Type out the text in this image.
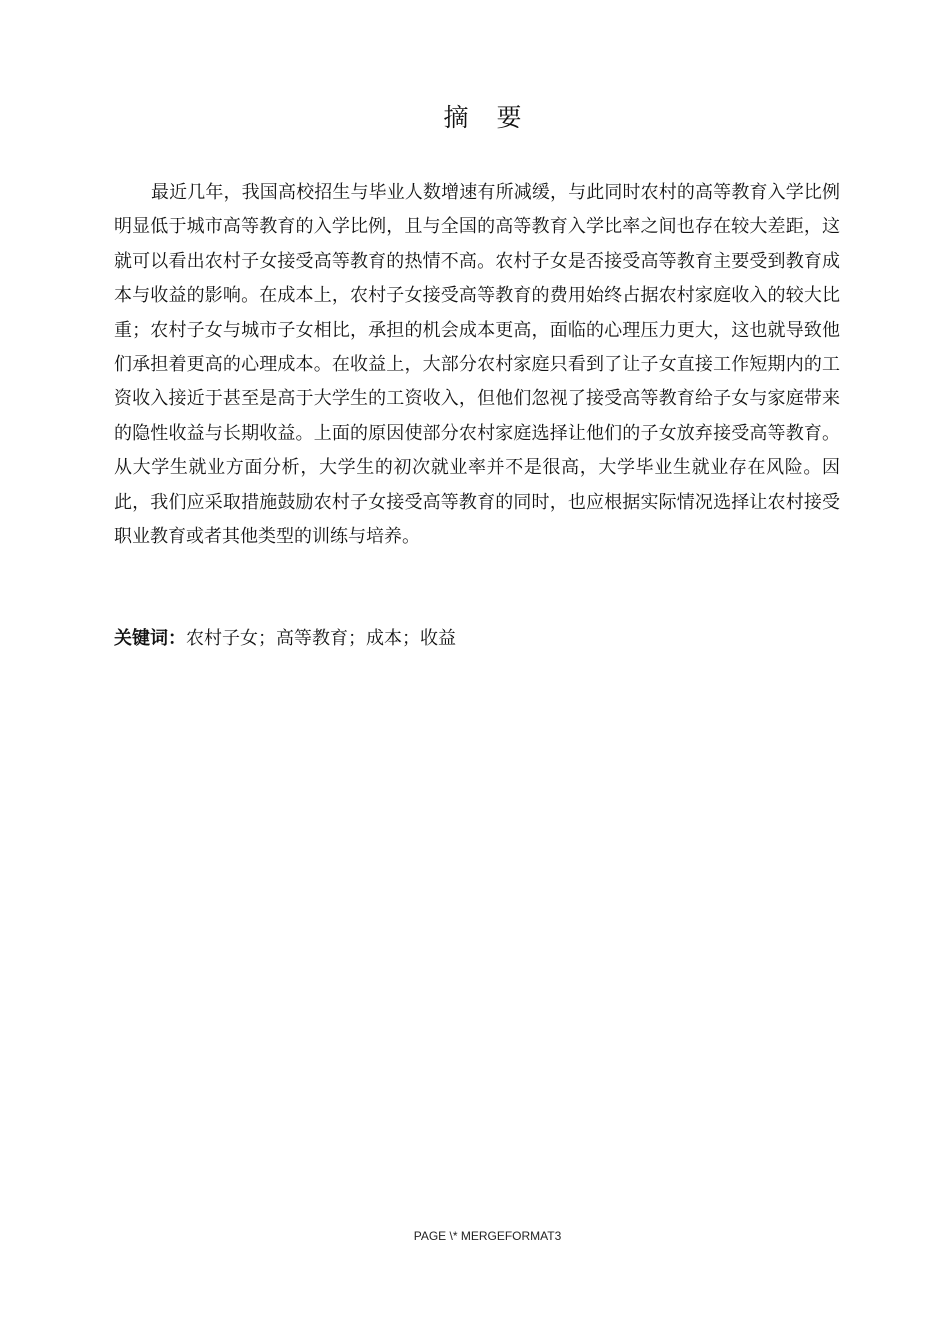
摘 要

最近几年，我国高校招生与毕业人数增速有所减缓，与此同时农村的高等教育入学比例明显低于城市高等教育的入学比例，且与全国的高等教育入学比率之间也存在较大差距，这就可以看出农村子女接受高等教育的热情不高。农村子女是否接受高等教育主要受到教育成本与收益的影响。在成本上，农村子女接受高等教育的费用始终占据农村家庭收入的较大比重；农村子女与城市子女相比，承担的机会成本更高，面临的心理压力更大，这也就导致他们承担着更高的心理成本。在收益上，大部分农村家庭只看到了让子女直接工作短期内的工资收入接近于甚至是高于大学生的工资收入，但他们忽视了接受高等教育给子女与家庭带来的隐性收益与长期收益。上面的原因使部分农村家庭选择让他们的子女放弃接受高等教育。从大学生就业方面分析，大学生的初次就业率并不是很高，大学毕业生就业存在风险。因此，我们应采取措施鼓励农村子女接受高等教育的同时，也应根据实际情况选择让农村接受职业教育或者其他类型的训练与培养。

关键词：农村子女；高等教育；成本；收益

PAGE \* MERGEFORMAT3
